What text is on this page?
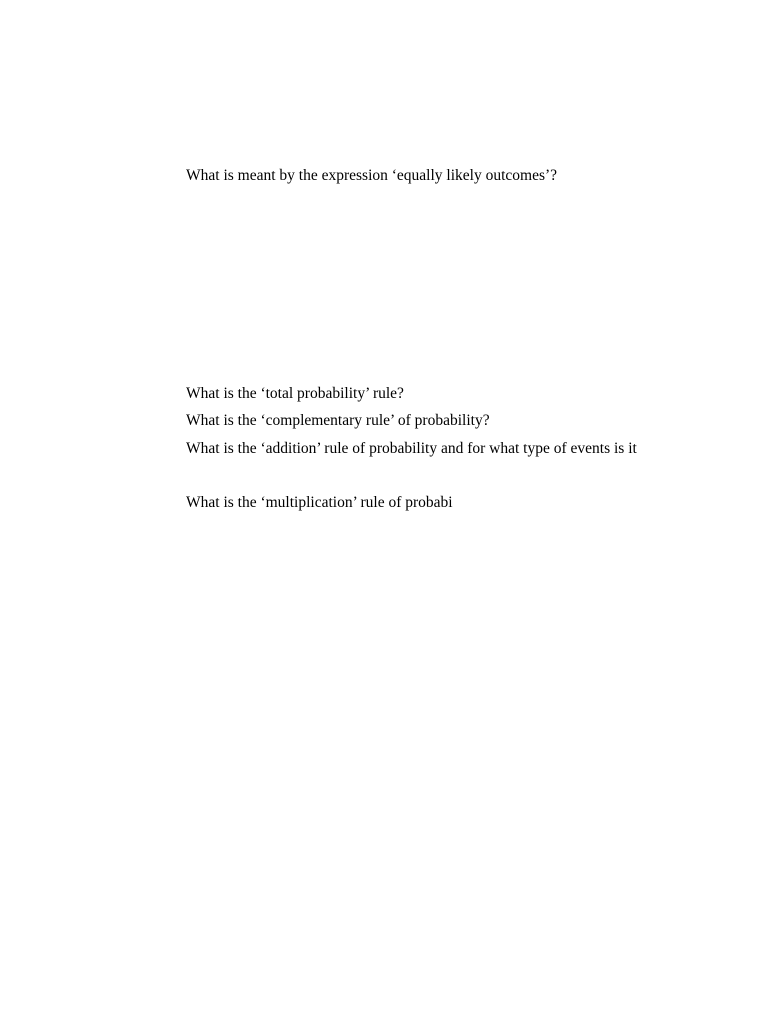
What is meant by the expression ‘equally likely outcomes’?

What is the ‘total probability’ rule?

What is the ‘complementary rule’ of probability?

What is the ‘addition’ rule of probability and for what type of events is it

What is the ‘multiplication’ rule of probabi
